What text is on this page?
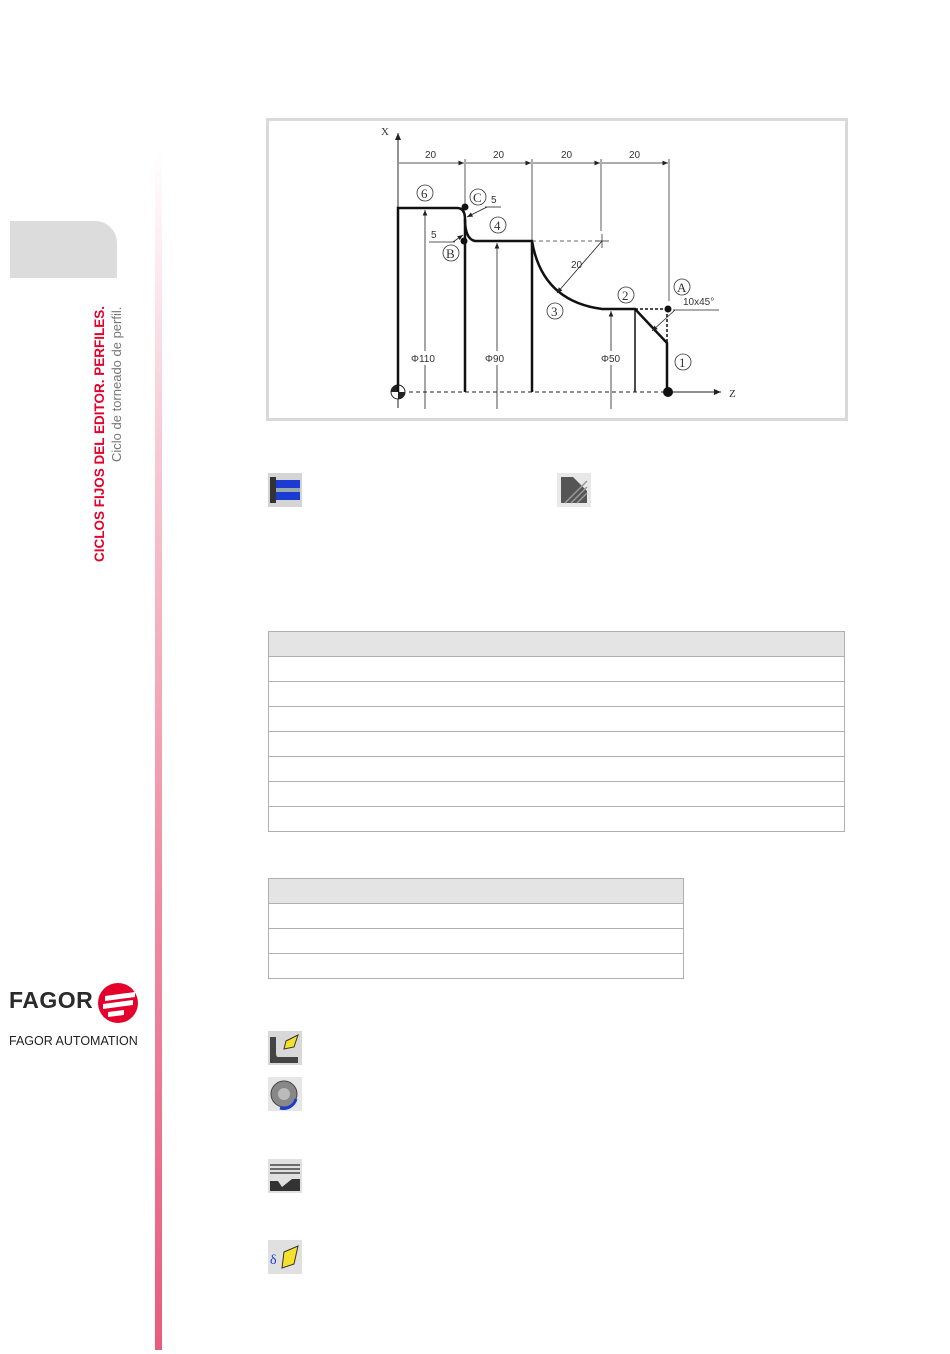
CICLOS FIJOS DEL EDITOR. PERFILES. Ciclo de torneado de perfil.
FAGOR
FAGOR AUTOMATION
X
Z
20	20	20	20
20
Φ110	Φ90	Φ50
5
5
10x45°
6	C
4
B
3
2
A
1
δ
